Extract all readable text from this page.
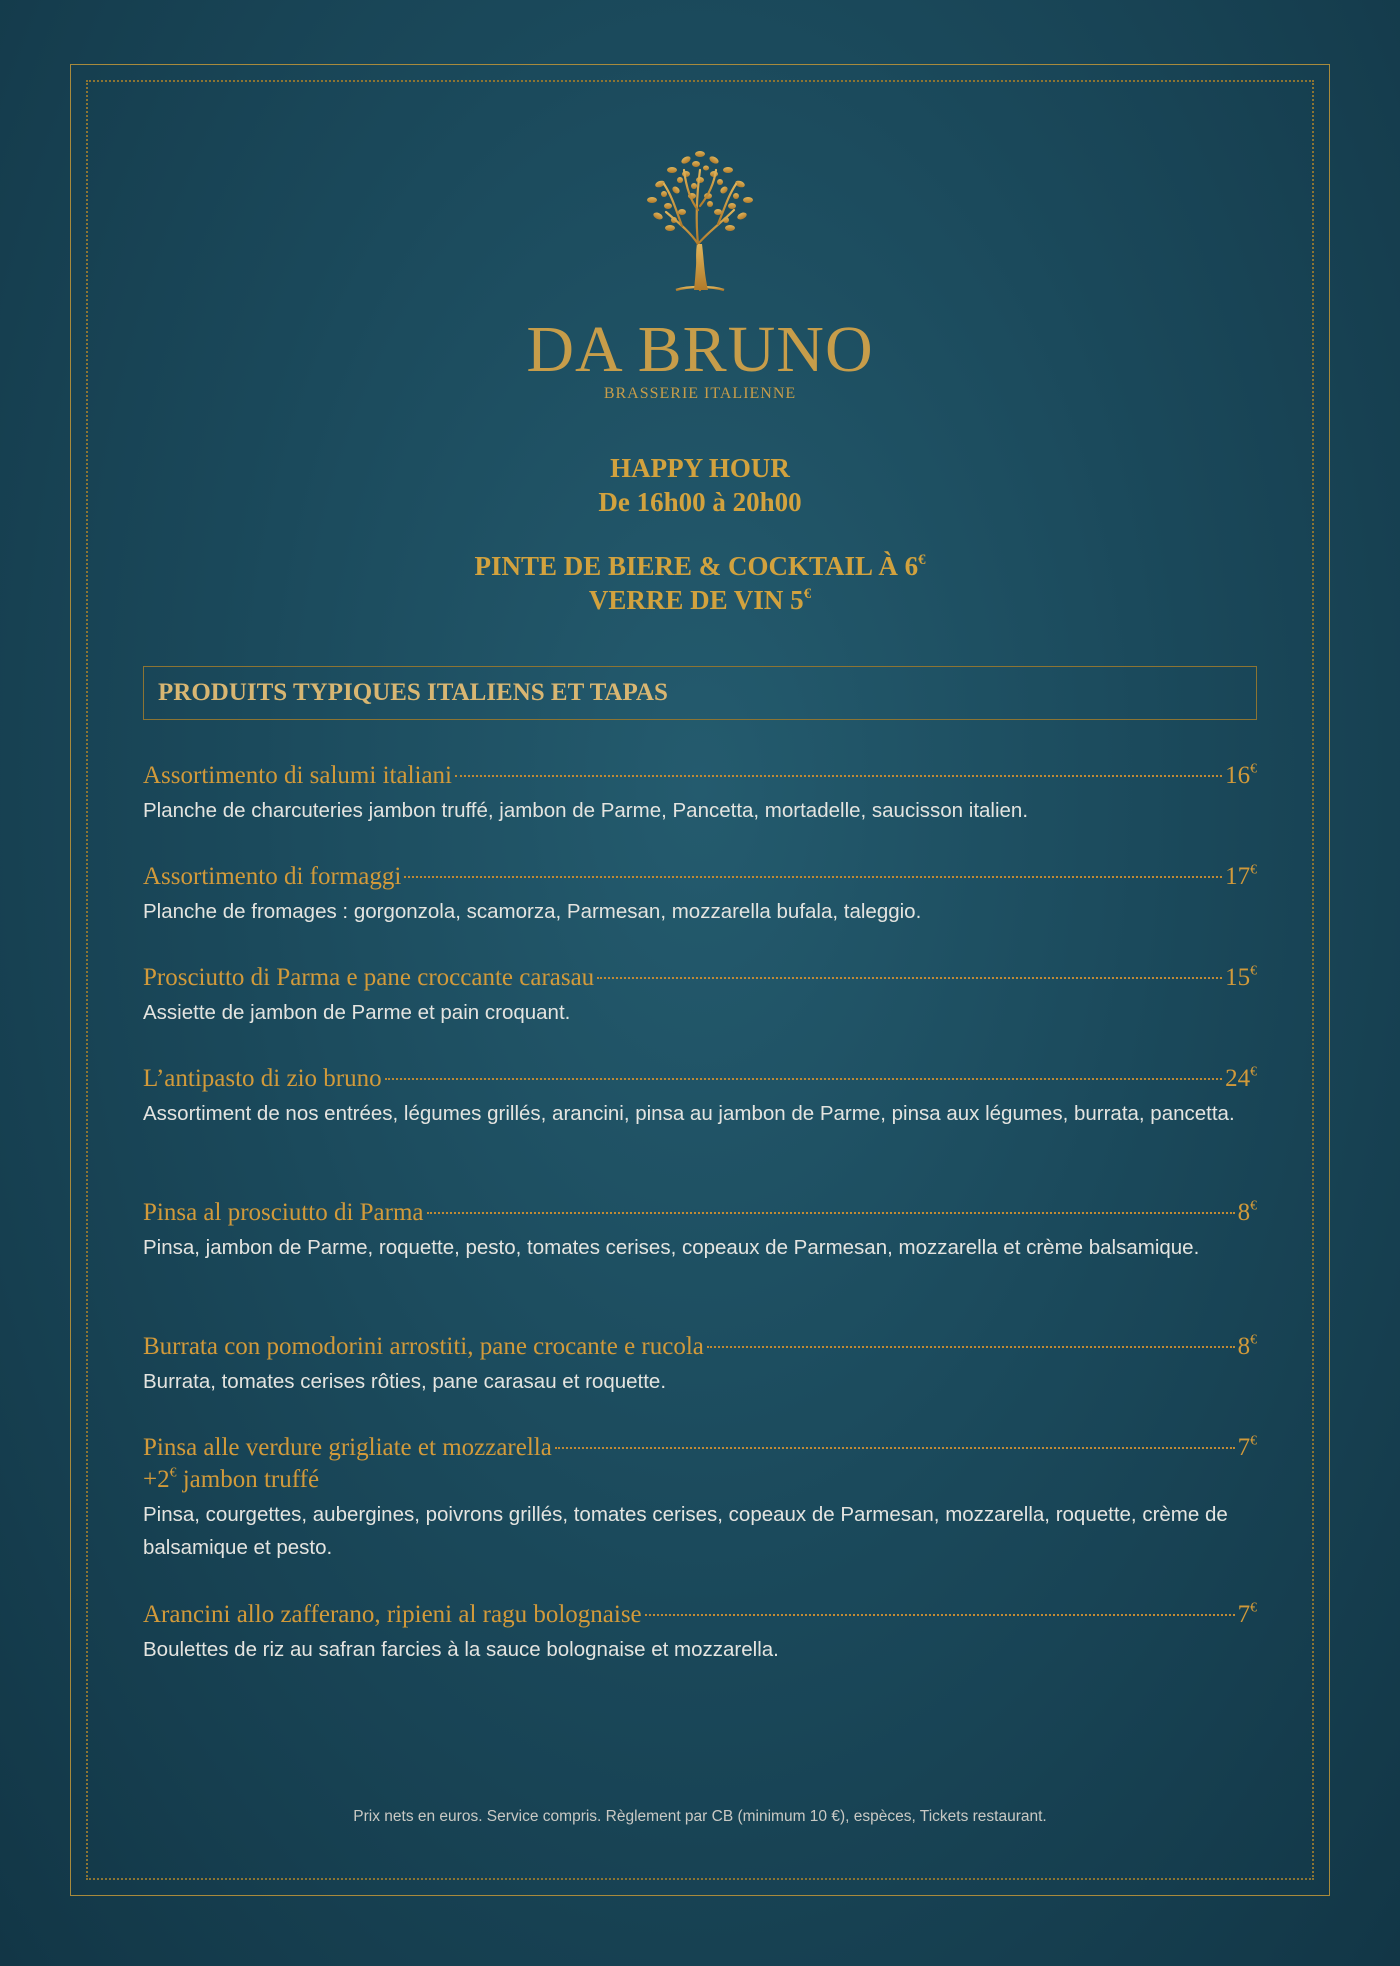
DA BRUNO
BRASSERIE ITALIENNE
HAPPY HOUR
De 16h00 à 20h00
PINTE DE BIERE & COCKTAIL À 6€
VERRE DE VIN 5€
PRODUITS TYPIQUES ITALIENS ET TAPAS
Assortimento di salumi italiani	16€
Planche de charcuteries jambon truffé, jambon de Parme, Pancetta, mortadelle, saucisson italien.
Assortimento di formaggi	17€
Planche de fromages : gorgonzola, scamorza, Parmesan, mozzarella bufala, taleggio.
Prosciutto di Parma e pane croccante carasau	15€
Assiette de jambon de Parme et pain croquant.
L’antipasto di zio bruno	24€
Assortiment de nos entrées, légumes grillés, arancini, pinsa au jambon de Parme, pinsa aux légumes, burrata, pancetta.
Pinsa al prosciutto di Parma	8€
Pinsa, jambon de Parme, roquette, pesto, tomates cerises, copeaux de Parmesan, mozzarella et crème balsamique.
Burrata con pomodorini arrostiti, pane crocante e rucola	8€
Burrata, tomates cerises rôties, pane carasau et roquette.
Pinsa alle verdure grigliate et mozzarella	7€
+2€ jambon truffé
Pinsa, courgettes, aubergines, poivrons grillés, tomates cerises, copeaux de Parmesan, mozzarella, roquette, crème de balsamique et pesto.
Arancini allo zafferano, ripieni al ragu bolognaise	7€
Boulettes de riz au safran farcies à la sauce bolognaise et mozzarella.
Prix nets en euros. Service compris. Règlement par CB (minimum 10 €), espèces, Tickets restaurant.
